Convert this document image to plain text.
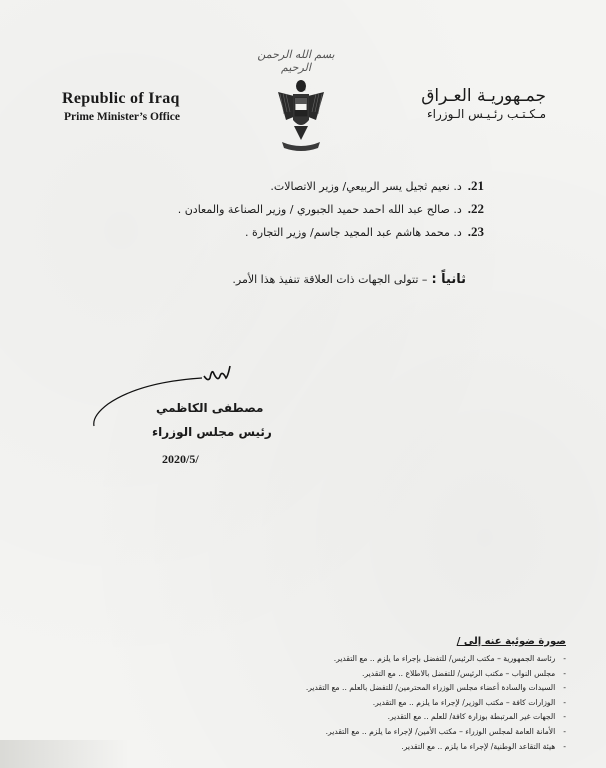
بسم الله الرحمن الرحيم
Republic of Iraq
Prime Minister’s Office
جمـهوريـة العـراق
مـكـتـب رئـيـس الـوزراء
21.د. نعيم ثجيل يسر الربيعي/ وزير الاتصالات.
22.د. صالح عبد الله احمد حميد الجبوري / وزير الصناعة والمعادن .
23.د. محمد هاشم عبد المجيد جاسم/ وزير التجارة .
ثانياً :– تتولى الجهات ذات العلاقة تنفيذ هذا الأمر.
مصطفى الكاظمي
رئيس مجلس الوزراء
2020/5/
صورة ضوئية عنه إلى /
-رئاسة الجمهورية – مكتب الرئيس/ للتفضل بإجراء ما يلزم .. مع التقدير.
-مجلس النواب – مكتب الرئيس/ للتفضل بالاطلاع .. مع التقدير.
-السيدات والسادة أعضاء مجلس الوزراء المحترمين/ للتفضل بالعلم .. مع التقدير.
-الوزارات كافة – مكتب الوزير/ لإجراء ما يلزم .. مع التقدير.
-الجهات غير المرتبطة بوزارة كافة/ للعلم .. مع التقدير.
-الأمانة العامة لمجلس الوزراء – مكتب الأمين/ لإجراء ما يلزم .. مع التقدير.
-هيئة التقاعد الوطنية/ لإجراء ما يلزم .. مع التقدير.
